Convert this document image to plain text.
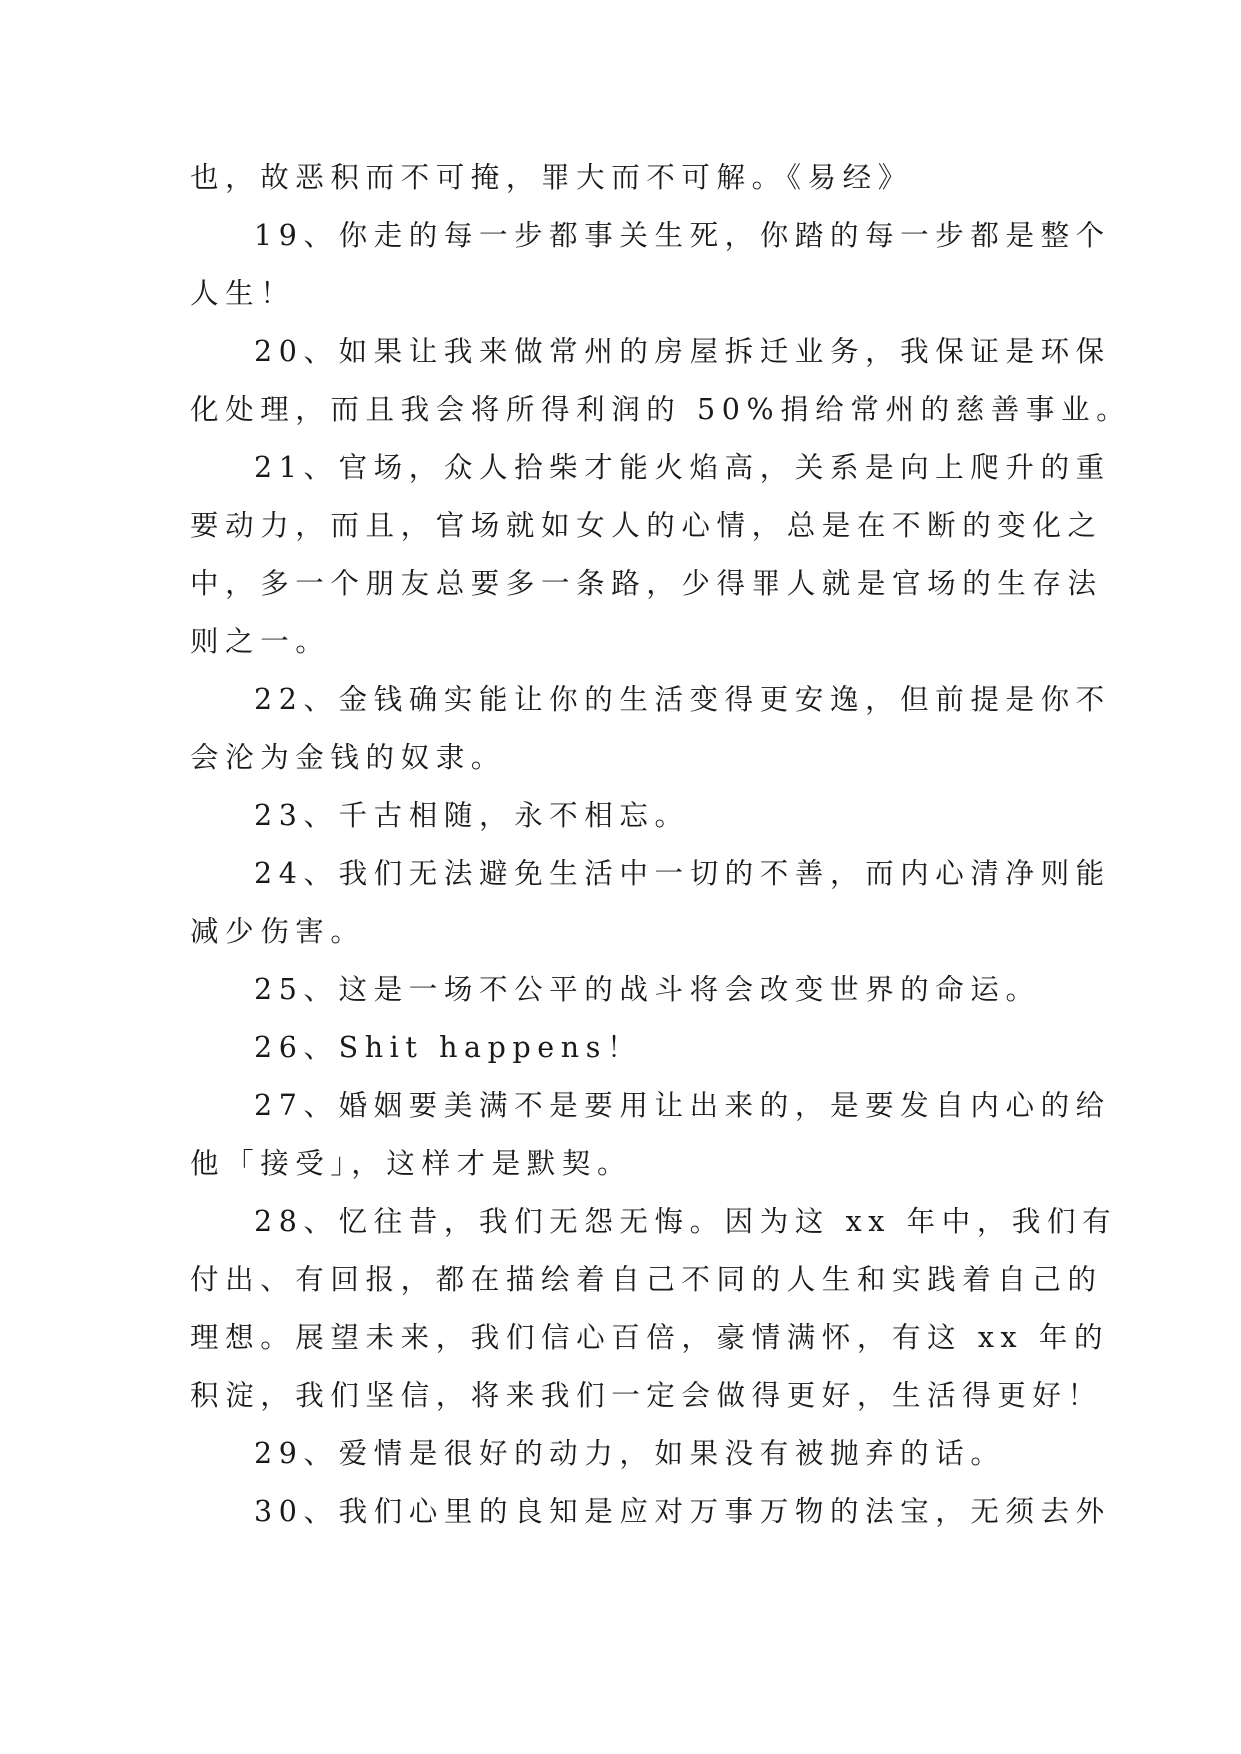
也，故恶积而不可掩，罪大而不可解。《易经》
19、你走的每一步都事关生死，你踏的每一步都是整个
人生！
20、如果让我来做常州的房屋拆迁业务，我保证是环保
化处理，而且我会将所得利润的 50%捐给常州的慈善事业。
21、官场，众人拾柴才能火焰高，关系是向上爬升的重
要动力，而且，官场就如女人的心情，总是在不断的变化之
中，多一个朋友总要多一条路，少得罪人就是官场的生存法
则之一。
22、金钱确实能让你的生活变得更安逸，但前提是你不
会沦为金钱的奴隶。
23、千古相随，永不相忘。
24、我们无法避免生活中一切的不善，而内心清净则能
减少伤害。
25、这是一场不公平的战斗将会改变世界的命运。
26、Shit happens！
27、婚姻要美满不是要用让出来的，是要发自内心的给
他「接受」，这样才是默契。
28、忆往昔，我们无怨无悔。因为这 xx 年中，我们有
付出、有回报，都在描绘着自己不同的人生和实践着自己的
理想。展望未来，我们信心百倍，豪情满怀，有这 xx 年的
积淀，我们坚信，将来我们一定会做得更好，生活得更好！
29、爱情是很好的动力，如果没有被抛弃的话。
30、我们心里的良知是应对万事万物的法宝，无须去外
